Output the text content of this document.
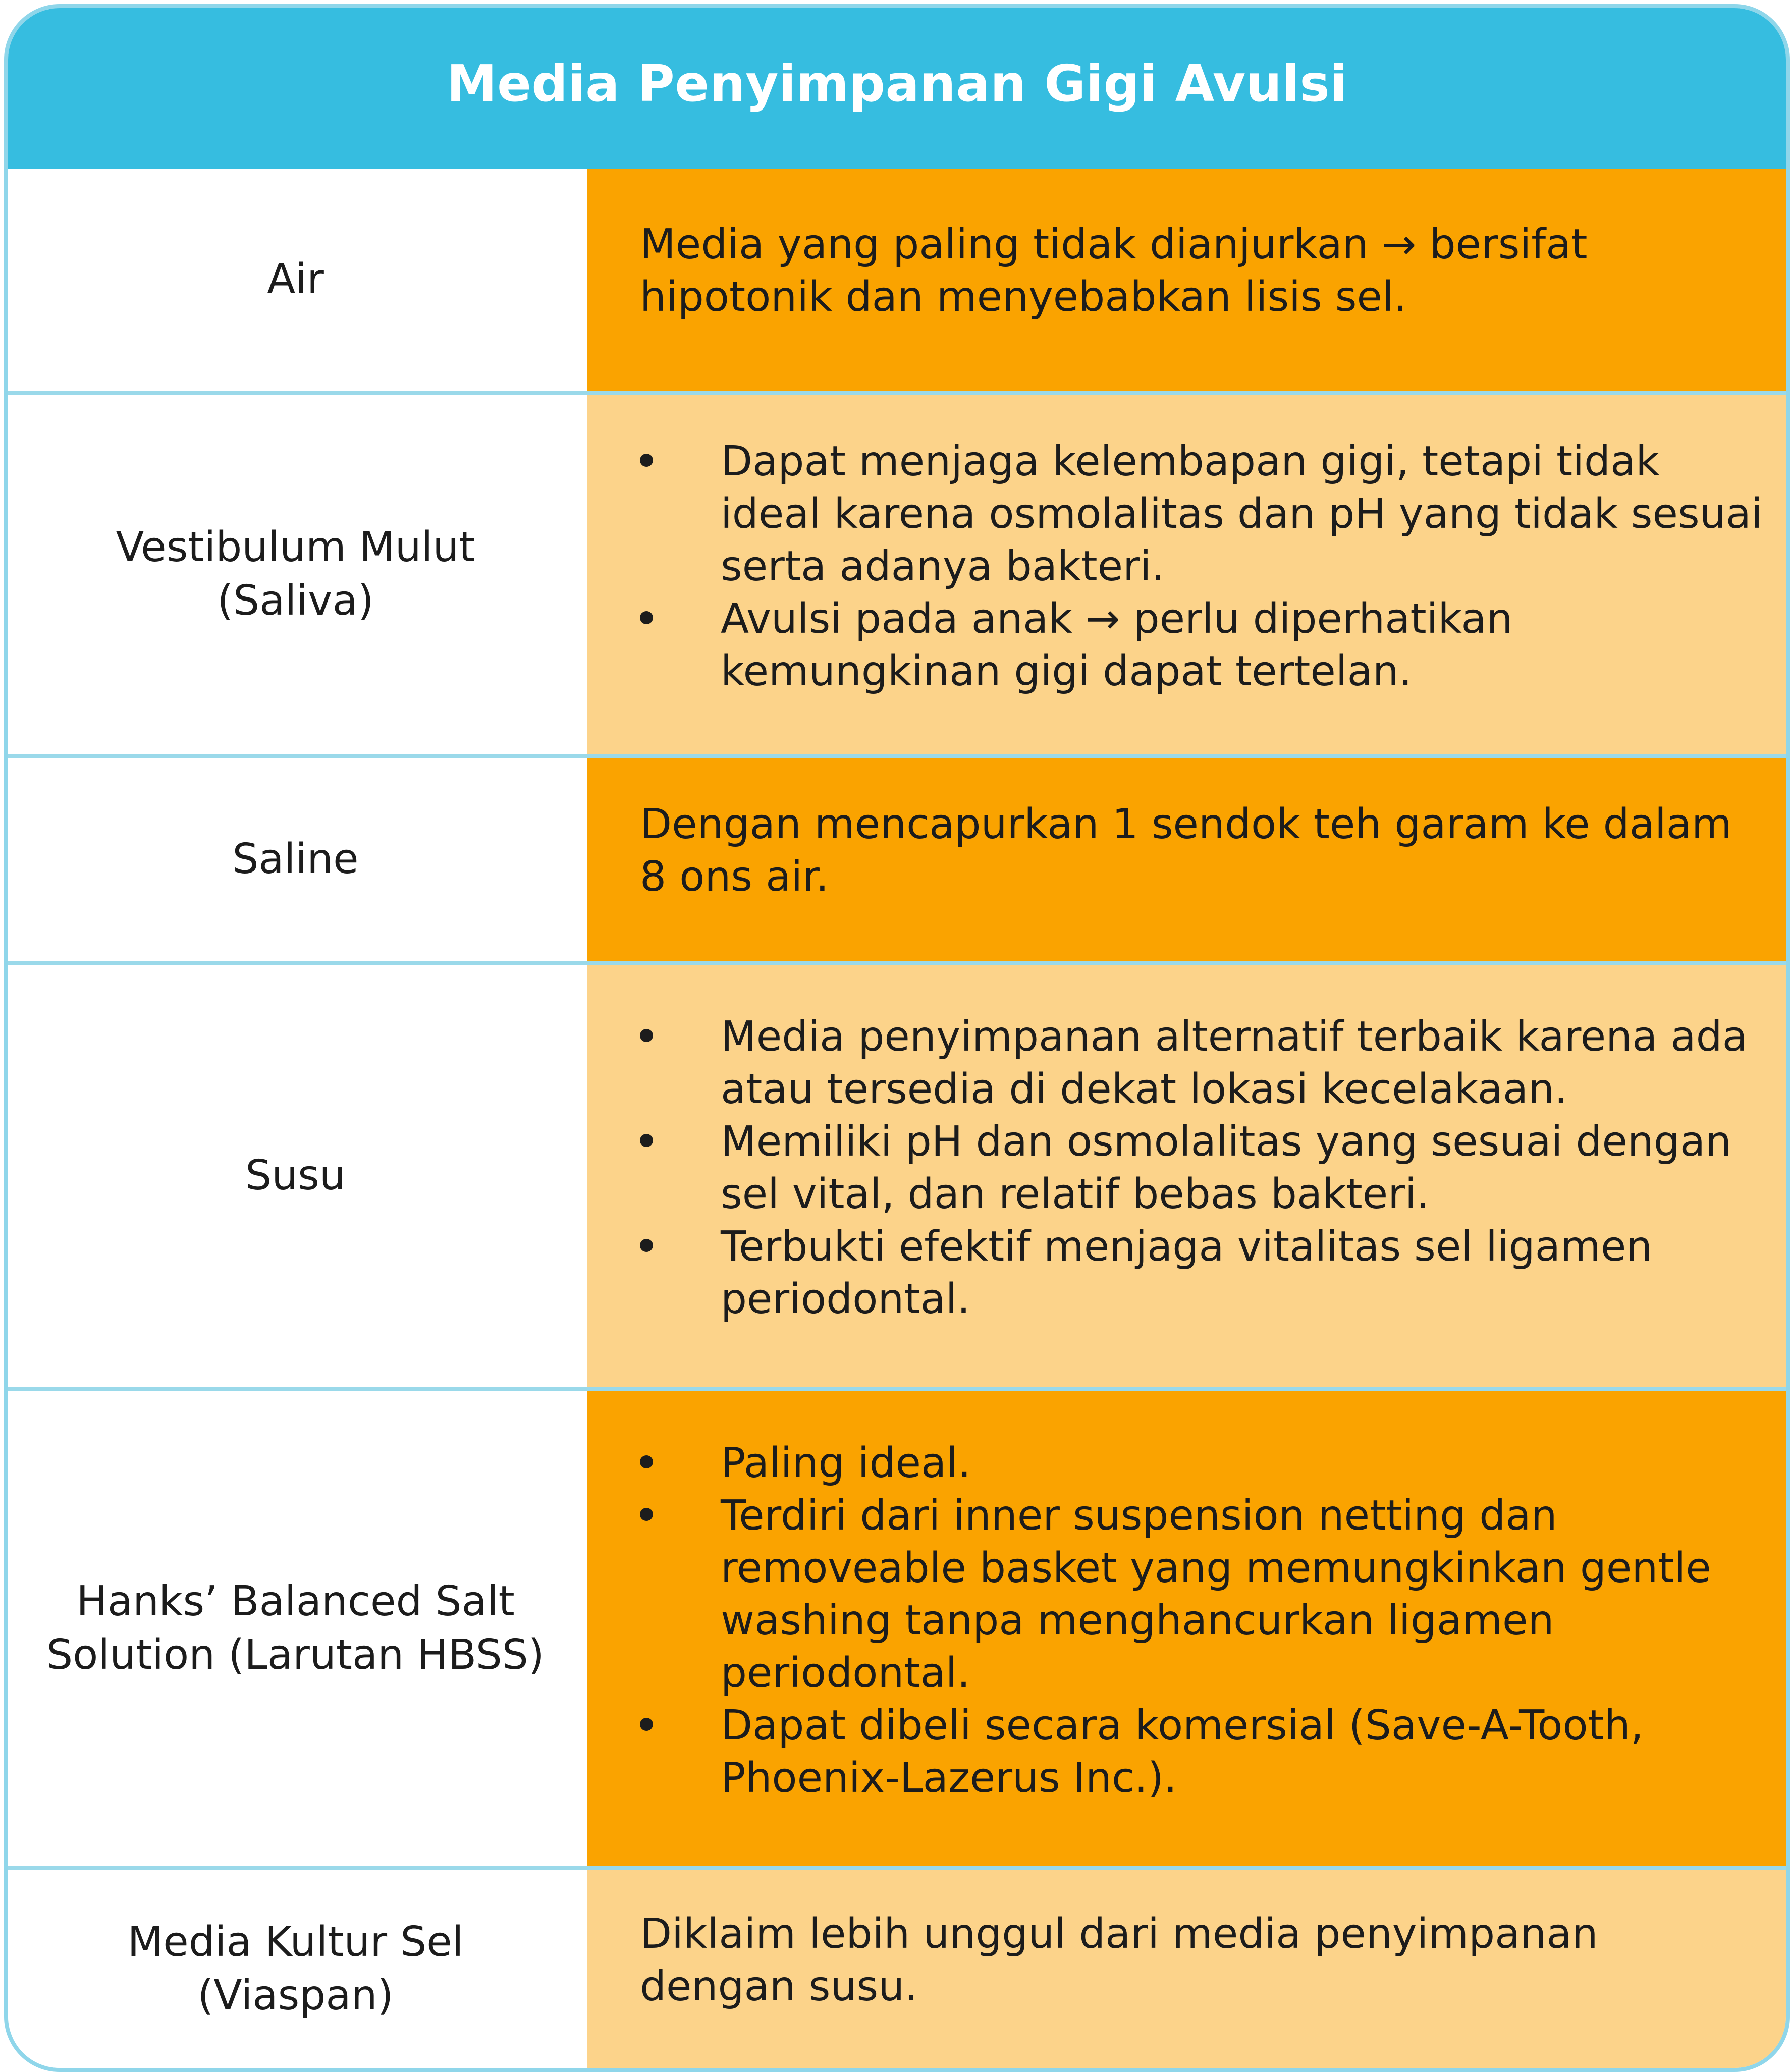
Media Penyimpanan Gigi Avulsi
Air
Media yang paling tidak dianjurkan → bersifat hipotonik dan menyebabkan lisis sel.
Vestibulum Mulut
(Saliva)
Dapat menjaga kelembapan gigi, tetapi tidak ideal karena osmolalitas dan pH yang tidak sesuai serta adanya bakteri.
Avulsi pada anak → perlu diperhatikan kemungkinan gigi dapat tertelan.
Saline
Dengan mencapurkan 1 sendok teh garam ke dalam 8 ons air.
Susu
Media penyimpanan alternatif terbaik karena ada atau tersedia di dekat lokasi kecelakaan.
Memiliki pH dan osmolalitas yang sesuai dengan sel vital, dan relatif bebas bakteri.
Terbukti efektif menjaga vitalitas sel ligamen periodontal.
Hanks’ Balanced Salt
Solution (Larutan HBSS)
Paling ideal.
Terdiri dari inner suspension netting dan removeable basket yang memungkinkan gentle washing tanpa menghancurkan ligamen periodontal.
Dapat dibeli secara komersial (Save-A-Tooth, Phoenix-Lazerus Inc.).
Media Kultur Sel
(Viaspan)
Diklaim lebih unggul dari media penyimpanan dengan susu.
